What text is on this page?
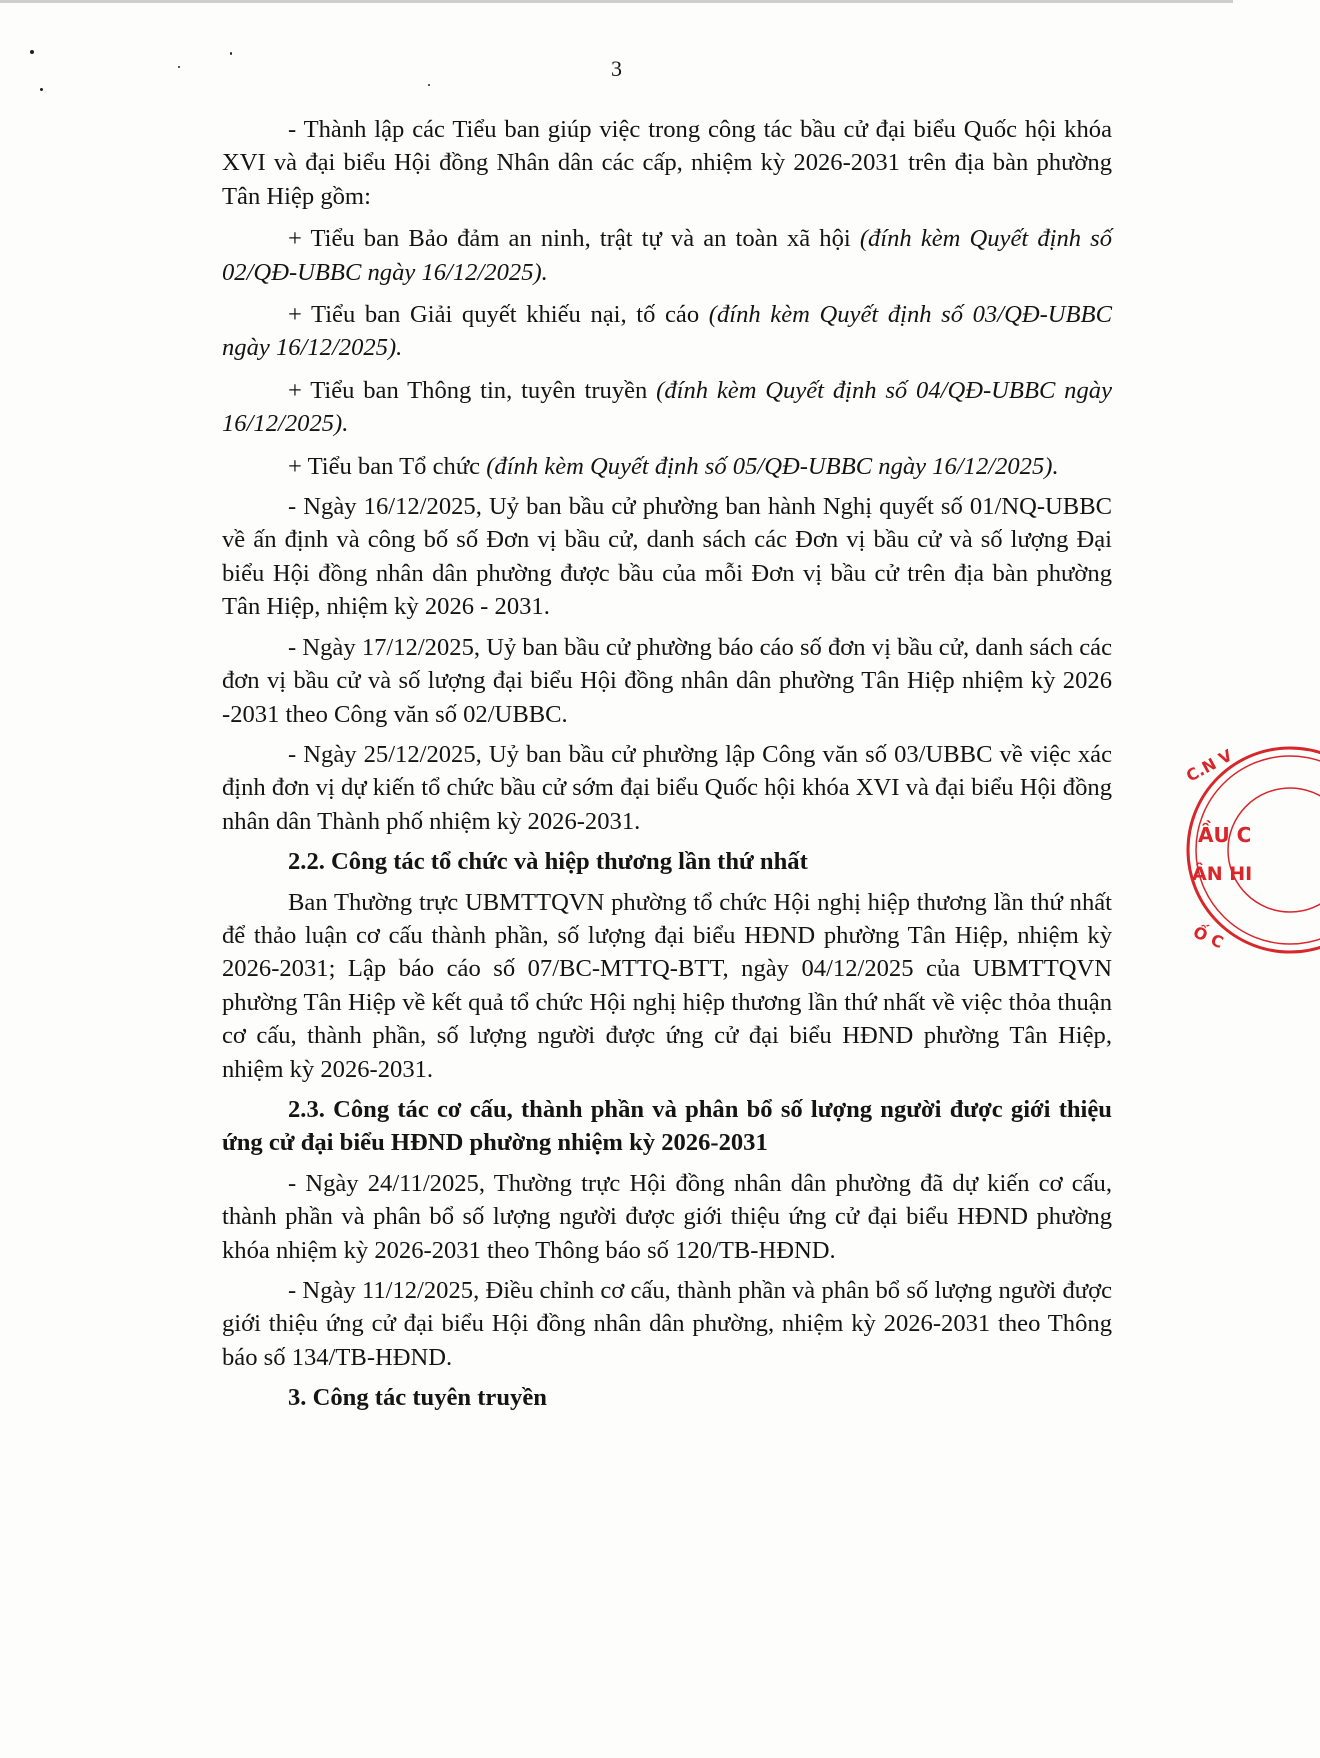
3

- Thành lập các Tiểu ban giúp việc trong công tác bầu cử đại biểu Quốc hội khóa XVI và đại biểu Hội đồng Nhân dân các cấp, nhiệm kỳ 2026-2031 trên địa bàn phường Tân Hiệp gồm:

+ Tiểu ban Bảo đảm an ninh, trật tự và an toàn xã hội (đính kèm Quyết định số 02/QĐ-UBBC ngày 16/12/2025).

+ Tiểu ban Giải quyết khiếu nại, tố cáo (đính kèm Quyết định số 03/QĐ-UBBC ngày 16/12/2025).

+ Tiểu ban Thông tin, tuyên truyền (đính kèm Quyết định số 04/QĐ-UBBC ngày 16/12/2025).

+ Tiểu ban Tổ chức (đính kèm Quyết định số 05/QĐ-UBBC ngày 16/12/2025).

- Ngày 16/12/2025, Uỷ ban bầu cử phường ban hành Nghị quyết số 01/NQ-UBBC về ấn định và công bố số Đơn vị bầu cử, danh sách các Đơn vị bầu cử và số lượng Đại biểu Hội đồng nhân dân phường được bầu của mỗi Đơn vị bầu cử trên địa bàn phường Tân Hiệp, nhiệm kỳ 2026 - 2031.

- Ngày 17/12/2025, Uỷ ban bầu cử phường báo cáo số đơn vị bầu cử, danh sách các đơn vị bầu cử và số lượng đại biểu Hội đồng nhân dân phường Tân Hiệp nhiệm kỳ 2026 -2031 theo Công văn số 02/UBBC.

- Ngày 25/12/2025, Uỷ ban bầu cử phường lập Công văn số 03/UBBC về việc xác định đơn vị dự kiến tổ chức bầu cử sớm đại biểu Quốc hội khóa XVI và đại biểu Hội đồng nhân dân Thành phố nhiệm kỳ 2026-2031.

2.2. Công tác tổ chức và hiệp thương lần thứ nhất

Ban Thường trực UBMTTQVN phường tổ chức Hội nghị hiệp thương lần thứ nhất để thảo luận cơ cấu thành phần, số lượng đại biểu HĐND phường Tân Hiệp, nhiệm kỳ 2026-2031; Lập báo cáo số 07/BC-MTTQ-BTT, ngày 04/12/2025 của UBMTTQVN phường Tân Hiệp về kết quả tổ chức Hội nghị hiệp thương lần thứ nhất về việc thỏa thuận cơ cấu, thành phần, số lượng người được ứng cử đại biểu HĐND phường Tân Hiệp, nhiệm kỳ 2026-2031.

2.3. Công tác cơ cấu, thành phần và phân bổ số lượng người được giới thiệu ứng cử đại biểu HĐND phường nhiệm kỳ 2026-2031

- Ngày 24/11/2025, Thường trực Hội đồng nhân dân phường đã dự kiến cơ cấu, thành phần và phân bổ số lượng người được giới thiệu ứng cử đại biểu HĐND phường khóa nhiệm kỳ 2026-2031 theo Thông báo số 120/TB-HĐND.

- Ngày 11/12/2025, Điều chỉnh cơ cấu, thành phần và phân bổ số lượng người được giới thiệu ứng cử đại biểu Hội đồng nhân dân phường, nhiệm kỳ 2026-2031 theo Thông báo số 134/TB-HĐND.

3. Công tác tuyên truyền

C.N V
ẦU C
ÂN HI
Ố C
